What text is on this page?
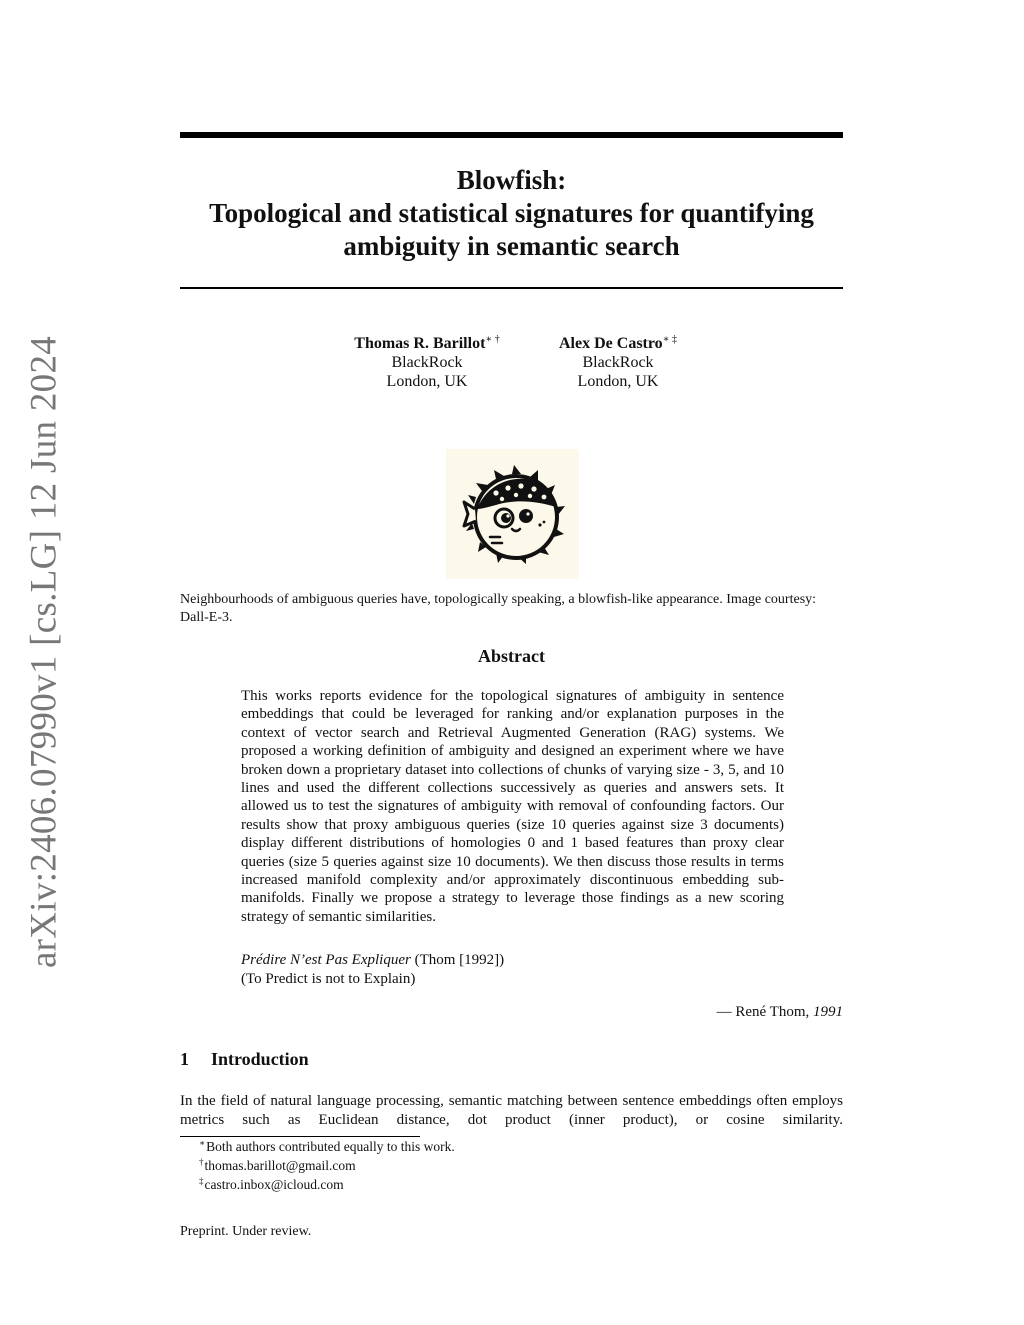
arXiv:2406.07990v1 [cs.LG] 12 Jun 2024
Blowfish:
Topological and statistical signatures for quantifying
ambiguity in semantic search
Thomas R. Barillot∗ †
BlackRock
London, UK
Alex De Castro∗ ‡
BlackRock
London, UK
Neighbourhoods of ambiguous queries have, topologically speaking, a blowfish-like appearance. Image courtesy: Dall-E-3.
Abstract
This works reports evidence for the topological signatures of ambiguity in sentence embeddings that could be leveraged for ranking and/or explanation purposes in the context of vector search and Retrieval Augmented Generation (RAG) systems. We proposed a working definition of ambiguity and designed an experiment where we have broken down a proprietary dataset into collections of chunks of varying size - 3, 5, and 10 lines and used the different collections successively as queries and answers sets. It allowed us to test the signatures of ambiguity with removal of confounding factors. Our results show that proxy ambiguous queries (size 10 queries against size 3 documents) display different distributions of homologies 0 and 1 based features than proxy clear queries (size 5 queries against size 10 documents). We then discuss those results in terms increased manifold complexity and/or approximately discontinuous embedding sub-manifolds. Finally we propose a strategy to leverage those findings as a new scoring strategy of semantic similarities.
Prédire N’est Pas Expliquer (Thom [1992])
(To Predict is not to Explain)
— René Thom, 1991
1 Introduction
In the field of natural language processing, semantic matching between sentence embeddings often employs metrics such as Euclidean distance, dot product (inner product), or cosine similarity.
∗Both authors contributed equally to this work.
†thomas.barillot@gmail.com
‡castro.inbox@icloud.com
Preprint. Under review.
